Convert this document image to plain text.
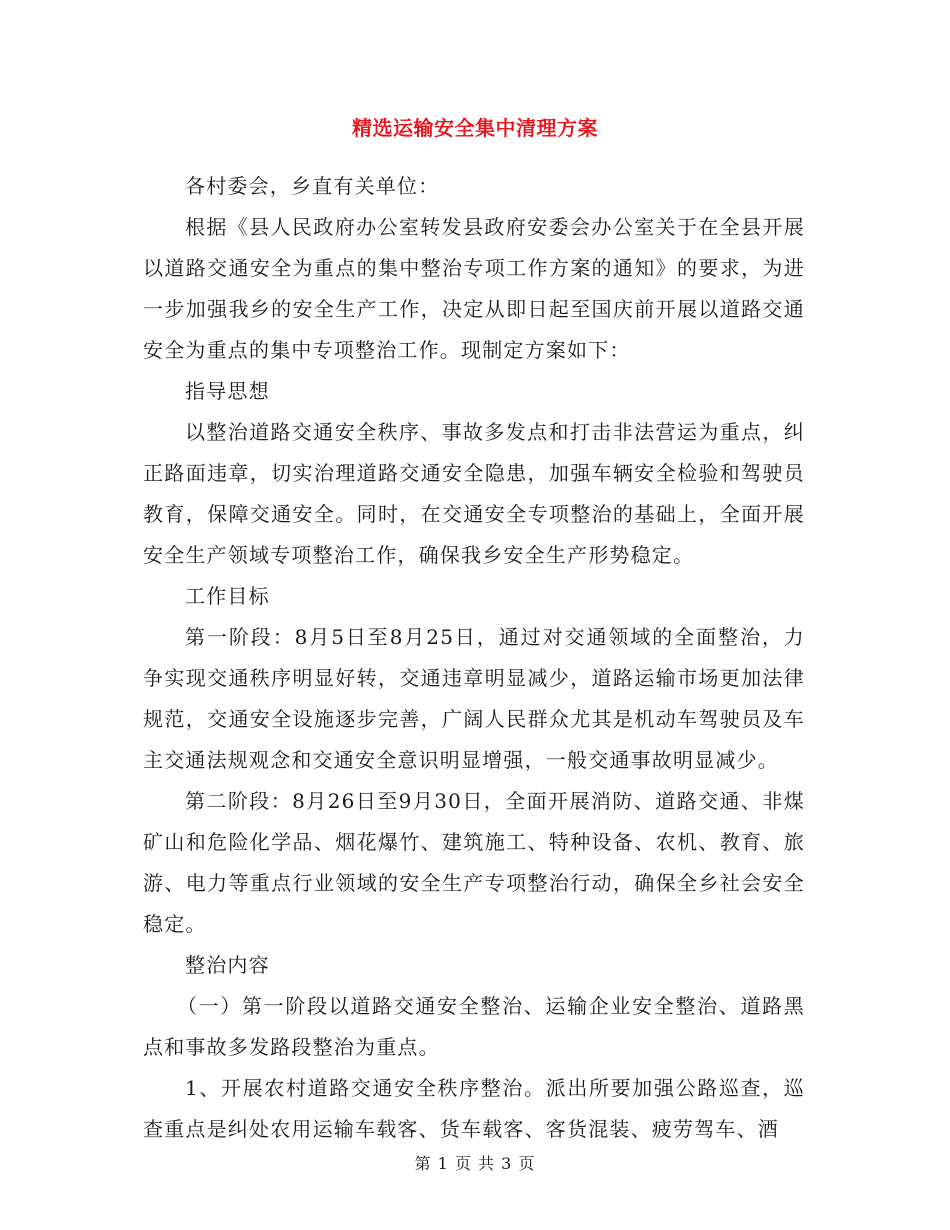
精选运输安全集中清理方案

各村委会，乡直有关单位：

根据《县人民政府办公室转发县政府安委会办公室关于在全县开展以道路交通安全为重点的集中整治专项工作方案的通知》的要求，为进一步加强我乡的安全生产工作，决定从即日起至国庆前开展以道路交通安全为重点的集中专项整治工作。现制定方案如下：

指导思想

以整治道路交通安全秩序、事故多发点和打击非法营运为重点，纠正路面违章，切实治理道路交通安全隐患，加强车辆安全检验和驾驶员教育，保障交通安全。同时，在交通安全专项整治的基础上，全面开展安全生产领域专项整治工作，确保我乡安全生产形势稳定。

工作目标

第一阶段：8月5日至8月25日，通过对交通领域的全面整治，力争实现交通秩序明显好转，交通违章明显减少，道路运输市场更加法律规范，交通安全设施逐步完善，广阔人民群众尤其是机动车驾驶员及车主交通法规观念和交通安全意识明显增强，一般交通事故明显减少。

第二阶段：8月26日至9月30日，全面开展消防、道路交通、非煤矿山和危险化学品、烟花爆竹、建筑施工、特种设备、农机、教育、旅游、电力等重点行业领域的安全生产专项整治行动，确保全乡社会安全稳定。

整治内容

（一）第一阶段以道路交通安全整治、运输企业安全整治、道路黑点和事故多发路段整治为重点。

1、开展农村道路交通安全秩序整治。派出所要加强公路巡查，巡查重点是纠处农用运输车载客、货车载客、客货混装、疲劳驾车、酒

第 1 页 共 3 页
